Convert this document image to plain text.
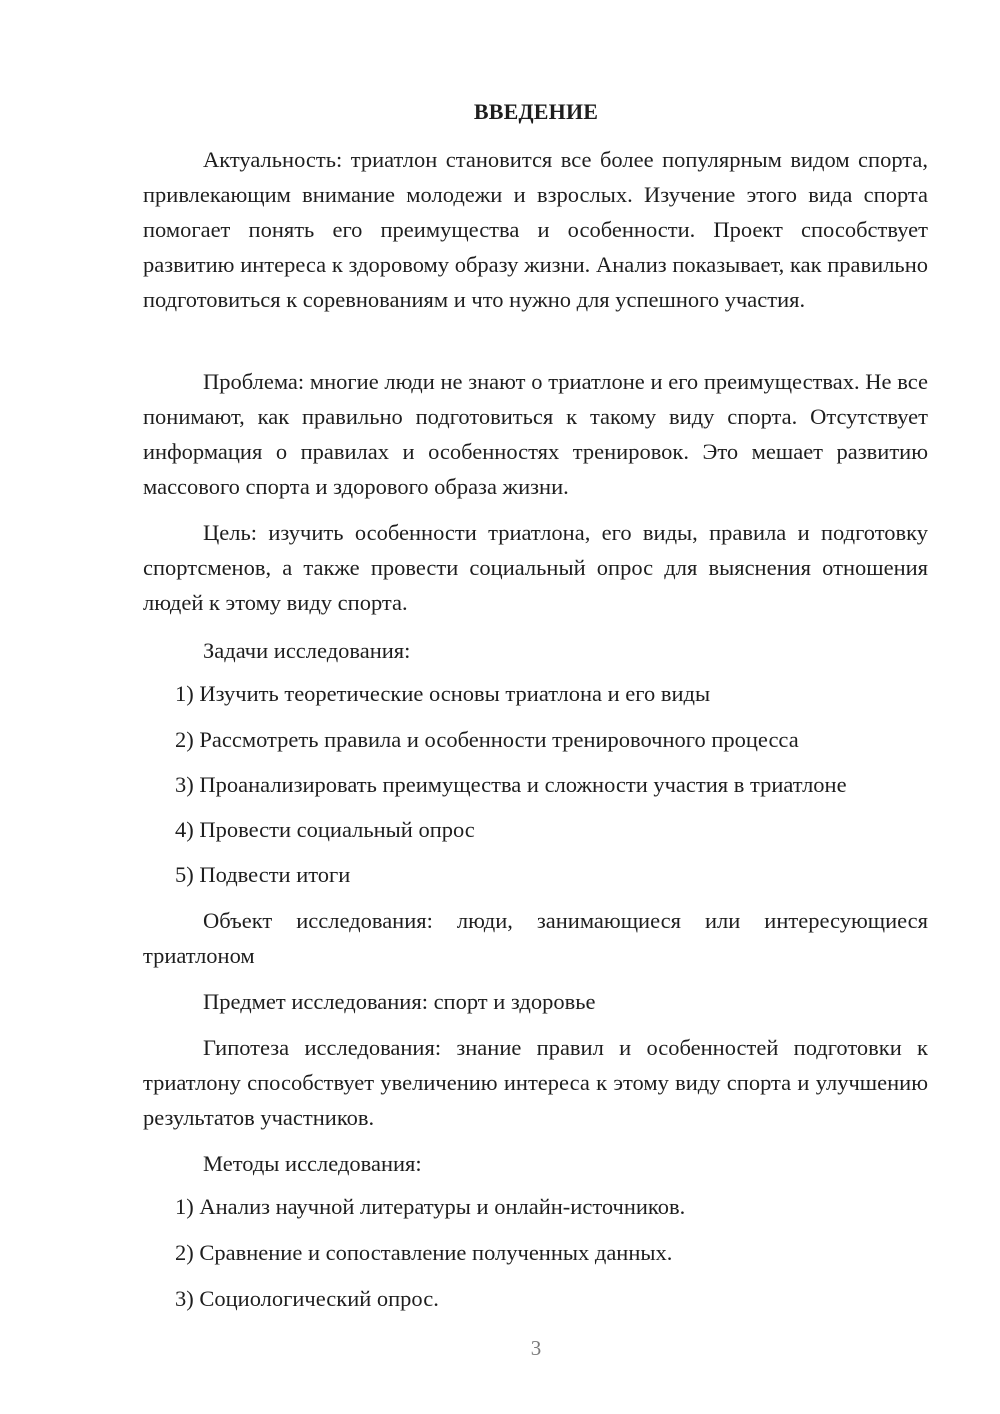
ВВЕДЕНИЕ

Актуальность: триатлон становится все более популярным видом спорта, привлекающим внимание молодежи и взрослых. Изучение этого вида спорта помогает понять его преимущества и особенности. Проект способствует развитию интереса к здоровому образу жизни. Анализ показывает, как правильно подготовиться к соревнованиям и что нужно для успешного участия.

Проблема: многие люди не знают о триатлоне и его преимуществах. Не все понимают, как правильно подготовиться к такому виду спорта. Отсутствует информация о правилах и особенностях тренировок. Это мешает развитию массового спорта и здорового образа жизни.

Цель: изучить особенности триатлона, его виды, правила и подготовку спортсменов, а также провести социальный опрос для выяснения отношения людей к этому виду спорта.

Задачи исследования:

1) Изучить теоретические основы триатлона и его виды

2) Рассмотреть правила и особенности тренировочного процесса

3) Проанализировать преимущества и сложности участия в триатлоне

4) Провести социальный опрос

5) Подвести итоги

Объект исследования: люди, занимающиеся или интересующиеся триатлоном

Предмет исследования: спорт и здоровье

Гипотеза исследования: знание правил и особенностей подготовки к триатлону способствует увеличению интереса к этому виду спорта и улучшению результатов участников.

Методы исследования:

1) Анализ научной литературы и онлайн-источников.

2) Сравнение и сопоставление полученных данных.

3) Социологический опрос.

3
